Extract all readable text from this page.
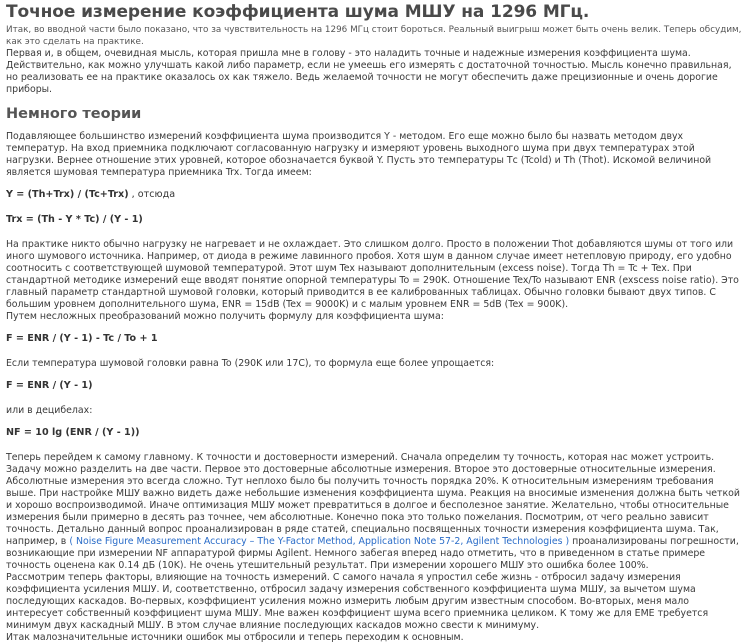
Точное измерение коэффициента шума МШУ на 1296 МГц.

Итак, во вводной части было показано, что за чувствительность на 1296 МГц стоит бороться. Реальный выигрыш может быть очень велик. Теперь обсудим, как это сделать на практике.

Первая и, в общем, очевидная мысль, которая пришла мне в голову - это наладить точные и надежные измерения коэффициента шума. Действительно, как можно улучшать какой либо параметр, если не умеешь его измерять с достаточной точностью. Мысль конечно правильная, но реализовать ее на практике оказалось ох как тяжело. Ведь желаемой точности не могут обеспечить даже прецизионные и очень дорогие приборы.

Немного теории

Подавляющее большинство измерений коэффициента шума производится Y - методом. Его еще можно было бы назвать методом двух температур. На вход приемника подключают согласованную нагрузку и измеряют уровень выходного шума при двух температурах этой нагрузки. Вернее отношение этих уровней, которое обозначается буквой Y. Пусть это температуры Тс (Tcold) и Th (Thot). Искомой величиной является шумовая температура приемника Trx. Тогда имеем:

Y = (Th+Trx) / (Tc+Trx) , отсюда
Trx = (Th - Y * Tc) / (Y - 1)

На практике никто обычно нагрузку не нагревает и не охлаждает. Это слишком долго. Просто в положении Thot добавляются шумы от того или иного шумового источника. Например, от диода в режиме лавинного пробоя. Хотя шум в данном случае имеет нетепловую природу, его удобно соотносить с соответствующей шумовой температурой. Этот шум Tex называют дополнительным (excess noise). Тогда Th = Tc + Tex. При стандартной методике измерений еще вводят понятие опорной температуры To = 290K. Отношение Tex/To называют ENR (exscess noise ratio). Это главный параметр стандартной шумовой головки, который приводится в ее калиброванных таблицах. Обычно головки бывают двух типов. С большим уровнем дополнительного шума, ENR = 15dB (Tex = 9000K) и с малым уровнем ENR = 5dB (Tex = 900K).

Путем несложных преобразований можно получить формулу для коэффициента шума:

F = ENR / (Y - 1) - Tc / To + 1

Если температура шумовой головки равна To (290K или 17C), то формула еще более упрощается:

F = ENR / (Y - 1)

или в децибелах:

NF = 10 lg (ENR / (Y - 1))

Теперь перейдем к самому главному. К точности и достоверности измерений. Сначала определим ту точность, которая нас может устроить. Задачу можно разделить на две части. Первое это достоверные абсолютные измерения. Второе это достоверные относительные измерения. Абсолютные измерения это всегда сложно. Тут неплохо было бы получить точность порядка 20%. К относительным измерениям требования выше. При настройке МШУ важно видеть даже небольшие изменения коэффициента шума. Реакция на вносимые изменения должна быть четкой и хорошо воспроизводимой. Иначе оптимизация МШУ может превратиться в долгое и бесполезное занятие. Желательно, чтобы относительные измерения были примерно в десять раз точнее, чем абсолютные. Конечно пока это только пожелания. Посмотрим, от чего реально зависит точность. Детально данный вопрос проанализирован в ряде статей, специально посвященных точности измерения коэффициента шума. Так, например, в ( Noise Figure Measurement Accuracy – The Y-Factor Method, Application Note 57-2, Agilent Technologies ) проанализированы погрешности, возникающие при измерении NF аппаратурой фирмы Agilent. Немного забегая вперед надо отметить, что в приведенном в статье примере точность оценена как 0.14 дБ (10K). Не очень утешительный результат. При измерении хорошего МШУ это ошибка более 100%.

Рассмотрим теперь факторы, влияющие на точность измерений. С самого начала я упростил себе жизнь - отбросил задачу измерения коэффициента усиления МШУ. И, соответственно, отбросил задачу измерения собственного коэффициента шума МШУ, за вычетом шума последующих каскадов. Во-первых, коэффициент усиления можно измерить любым другим известным способом. Во-вторых, меня мало интересует собственный коэффициент шума МШУ. Мне важен коэффициент шума всего приемника целиком. К тому же для EME требуется минимум двух каскадный МШУ. В этом случае влияние последующих каскадов можно свести к минимуму.

Итак малозначительные источники ошибок мы отбросили и теперь переходим к основным.
